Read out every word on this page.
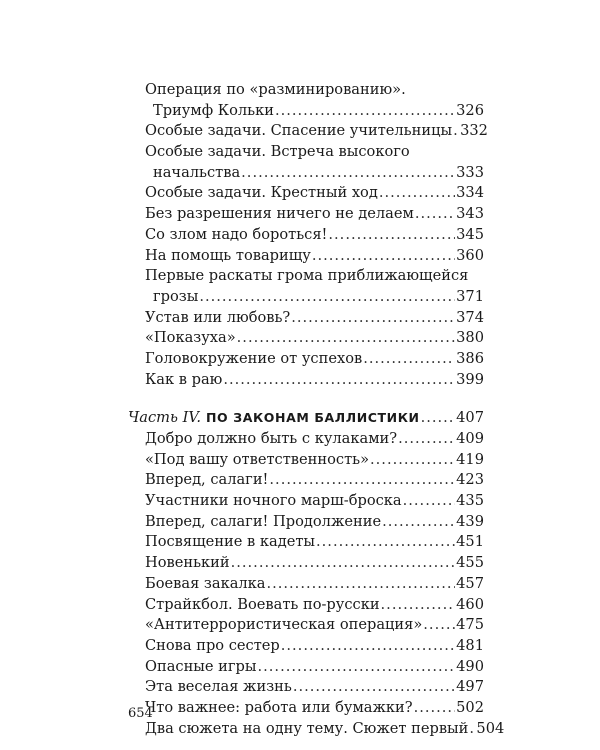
Операция по «разминированию».
Триумф Кольки .....	326
Особые задачи. Спасение учительницы ..... 332
Особые задачи. Встреча высокого
начальства .....	333
Особые задачи. Крестный ход .....	334
Без разрешения ничего не делаем .....	343
Со злом надо бороться! .....	345
На помощь товарищу .....	360
Первые раскаты грома приближающейся
грозы .....	371
Устав или любовь? .....	374
«Показуха» .....	380
Головокружение от успехов .....	386
Как в раю .....	399
Часть IV. ПО ЗАКОНАМ БАЛЛИСТИКИ .....	407
Добро должно быть с кулаками? .....	409
«Под вашу ответственность» .....	419
Вперед, салаги! .....	423
Участники ночного марш-броска .....	435
Вперед, салаги! Продолжение .....	439
Посвящение в кадеты .....	451
Новенький .....	455
Боевая закалка .....	457
Страйкбол. Воевать по-русски .....	460
«Антитеррористическая операция» ..... 475
Снова про сестер .....	481
Опасные игры .....	490
Эта веселая жизнь .....	497
Что важнее: работа или бумажки? .....	502
Два сюжета на одну тему. Сюжет первый ..... 504
654
